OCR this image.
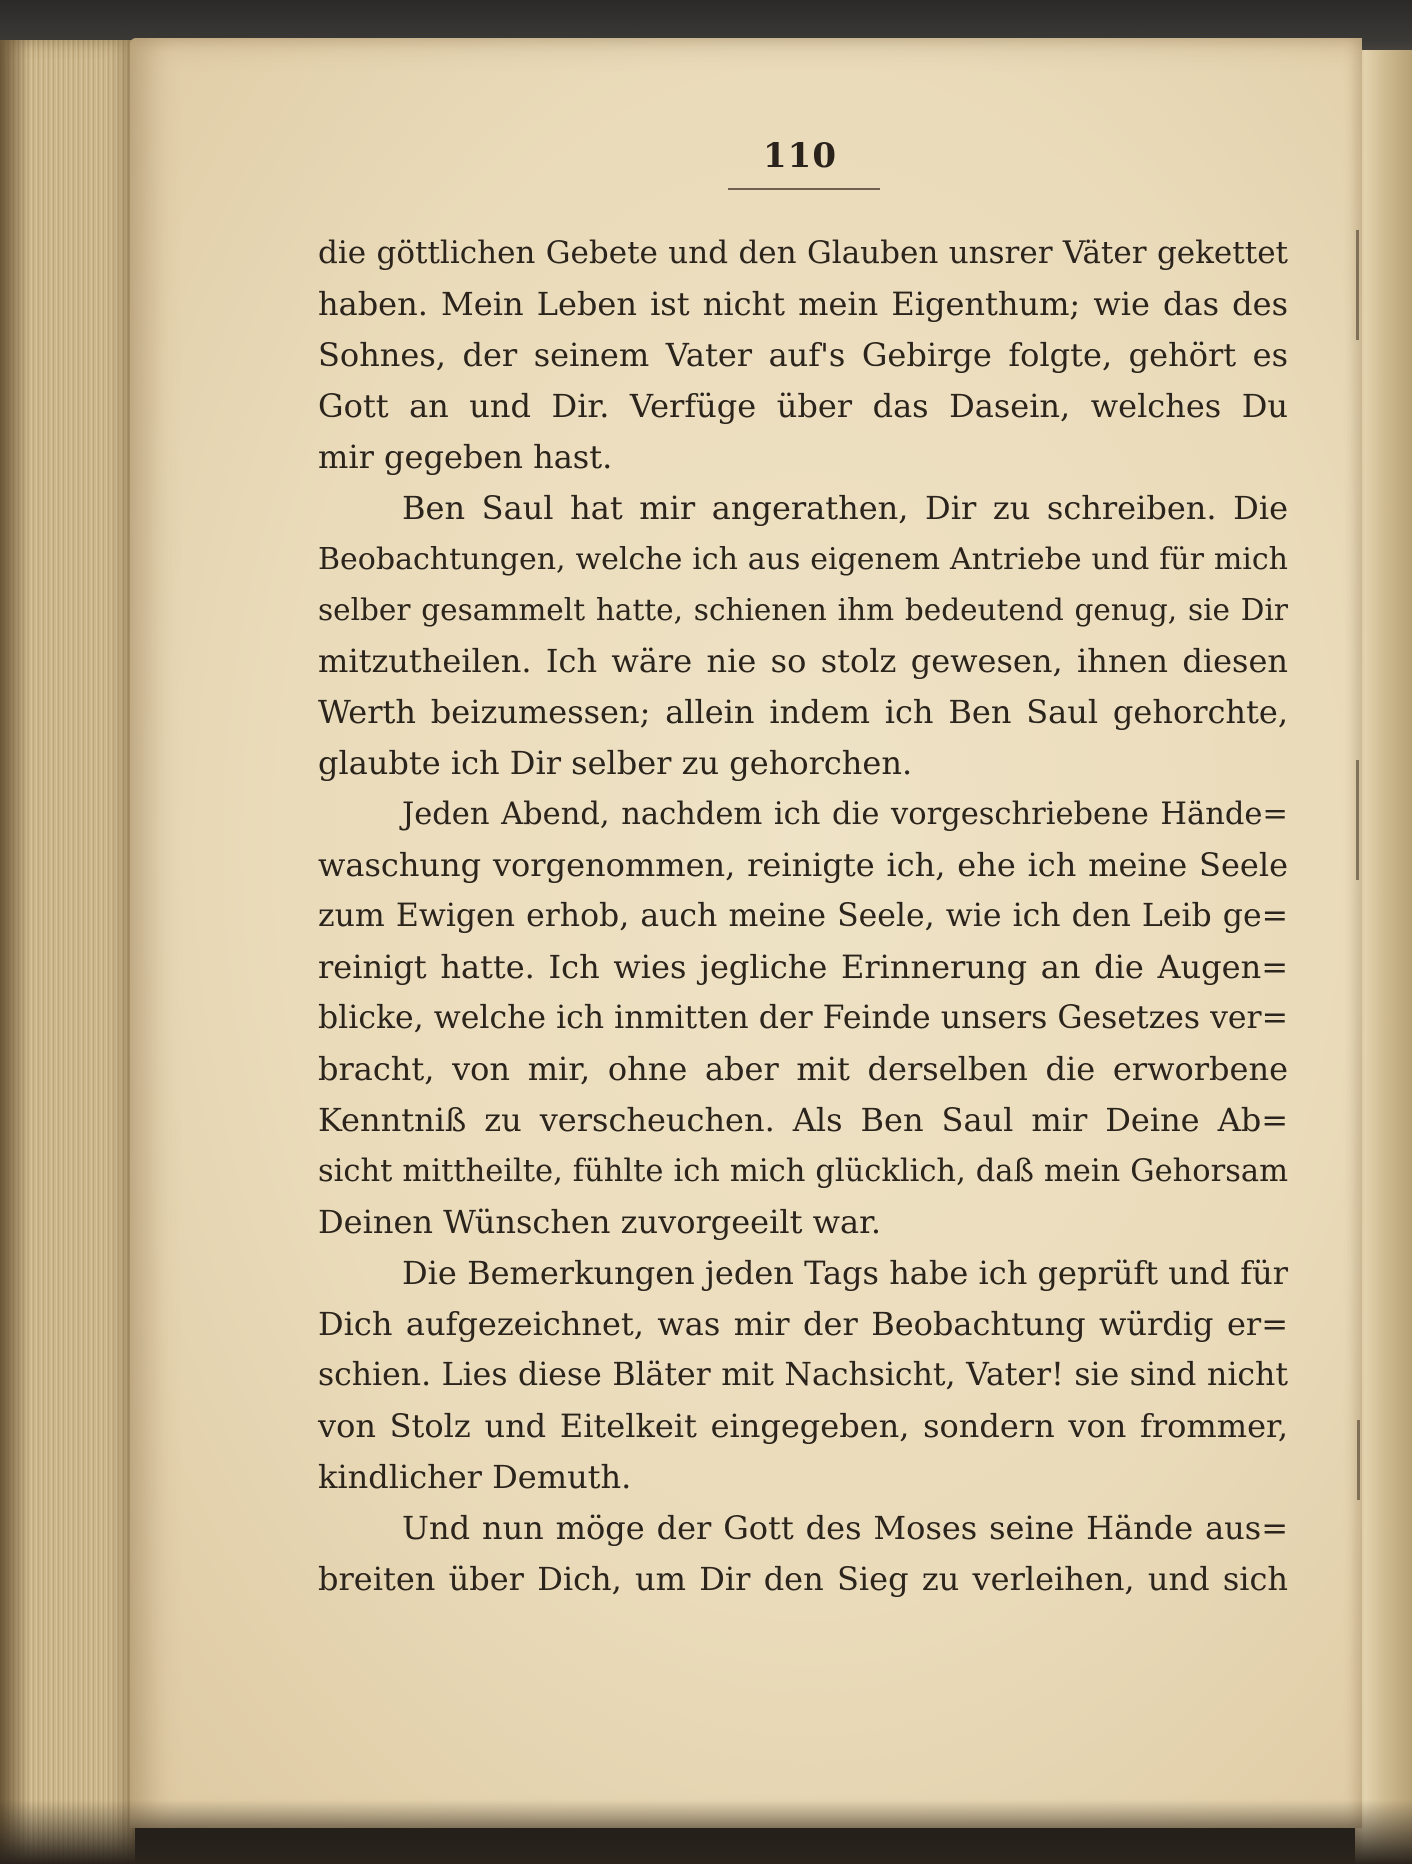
110
die göttlichen Gebete und den Glauben unsrer Väter gekettet
haben. Mein Leben ist nicht mein Eigenthum; wie das des
Sohnes, der seinem Vater auf's Gebirge folgte, gehört es
Gott an und Dir. Verfüge über das Dasein, welches Du
mir gegeben hast.
Ben Saul hat mir angerathen, Dir zu schreiben. Die
Beobachtungen, welche ich aus eigenem Antriebe und für mich
selber gesammelt hatte, schienen ihm bedeutend genug, sie Dir
mitzutheilen. Ich wäre nie so stolz gewesen, ihnen diesen
Werth beizumessen; allein indem ich Ben Saul gehorchte,
glaubte ich Dir selber zu gehorchen.
Jeden Abend, nachdem ich die vorgeschriebene Hände=
waschung vorgenommen, reinigte ich, ehe ich meine Seele
zum Ewigen erhob, auch meine Seele, wie ich den Leib ge=
reinigt hatte. Ich wies jegliche Erinnerung an die Augen=
blicke, welche ich inmitten der Feinde unsers Gesetzes ver=
bracht, von mir, ohne aber mit derselben die erworbene
Kenntniß zu verscheuchen. Als Ben Saul mir Deine Ab=
sicht mittheilte, fühlte ich mich glücklich, daß mein Gehorsam
Deinen Wünschen zuvorgeeilt war.
Die Bemerkungen jeden Tags habe ich geprüft und für
Dich aufgezeichnet, was mir der Beobachtung würdig er=
schien. Lies diese Bläter mit Nachsicht, Vater! sie sind nicht
von Stolz und Eitelkeit eingegeben, sondern von frommer,
kindlicher Demuth.
Und nun möge der Gott des Moses seine Hände aus=
breiten über Dich, um Dir den Sieg zu verleihen, und sich
